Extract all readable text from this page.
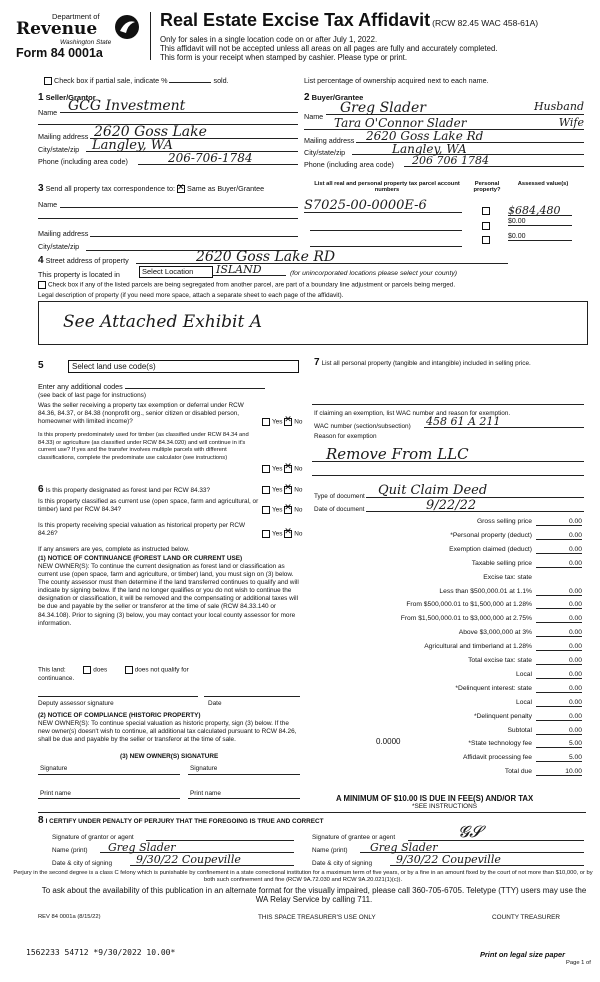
Department of
Revenue
Washington State
Form 84 0001a
Real Estate Excise Tax Affidavit (RCW 82.45 WAC 458-61A)
Only for sales in a single location code on or after July 1, 2022.
This affidavit will not be accepted unless all areas on all pages are fully and accurately completed.
This form is your receipt when stamped by cashier. Please type or print.
Check box if partial sale, indicate %	sold.	List percentage of ownership acquired next to each name.
1 Seller/Grantor
Name GCG Investment
Mailing address 2620 Goss Lake
City/state/zip Langley, WA
Phone (including area code)	206-706-1784
2 Buyer/Grantee
Name
Greg Slader	Husband
Tara O'Connor Slader	Wife
Mailing address 2620 Goss Lake Rd
City/state/zip	Langley, WA
Phone (including area code)	206 706 1784
3 Send all property tax correspondence to: ✕ Same as Buyer/Grantee
Name
Mailing address
City/state/zip
List all real and personal property tax parcel account numbers
Personal property?
Assessed value(s)
S7025-00-0000E-6	$684,480
$0.00
$0.00
4 Street address of property	2620 Goss Lake RD
This property is located in	Select Location	ISLAND	(for unincorporated locations please select your county)
Check box if any of the listed parcels are being segregated from another parcel, are part of a boundary line adjustment or parcels being merged.
Legal description of property (if you need more space, attach a separate sheet to each page of the affidavit).
See Attached Exhibit A
5	Select land use code(s)
Enter any additional codes
(see back of last page for instructions)
Was the seller receiving a property tax exemption or deferral under RCW 84.36, 84.37, or 84.38 (nonprofit org., senior citizen or disabled person, homeowner with limited income)?	Yes ✕ No
Is this property predominately used for timber (as classified under RCW 84.34 and 84.33) or agriculture (as classified under RCW 84.34.020) and will continue in it's current use? If yes and the transfer involves multiple parcels with different classifications, complete the predominate use calculator (see instructions)
Yes ✕ No
6 Is this property designated as forest land per RCW 84.33?	Yes ✕ No
Is this property classified as current use (open space, farm and agricultural, or timber) land per RCW 84.34?	Yes ✕ No
Is this property receiving special valuation as historical property per RCW 84.26?	Yes ✕ No
If any answers are yes, complete as instructed below.
(1) NOTICE OF CONTINUANCE (FOREST LAND OR CURRENT USE)
NEW OWNER(S): To continue the current designation as forest land or classification as current use (open space, farm and agriculture, or timber) land, you must sign on (3) below. The county assessor must then determine if the land transferred continues to qualify and will indicate by signing below. If the land no longer qualifies or you do not wish to continue the designation or classification, it will be removed and the compensating or additional taxes will be due and payable by the seller or transferor at the time of sale (RCW 84.33.140 or 84.34.108). Prior to signing (3) below, you may contact your local county assessor for more information.
This land:	does	does not qualify for
continuance.
Deputy assessor signature	Date
(2) NOTICE OF COMPLIANCE (HISTORIC PROPERTY)
NEW OWNER(S): To continue special valuation as historic property, sign (3) below. If the new owner(s) doesn't wish to continue, all additional tax calculated pursuant to RCW 84.26, shall be due and payable by the seller or transferor at the time of sale.
(3) NEW OWNER(S) SIGNATURE
Signature	Signature
Print name	Print name
7 List all personal property (tangible and intangible) included in selling price.
If claiming an exemption, list WAC number and reason for exemption.
WAC number (section/subsection) 458 61 A 211
Reason for exemption
Remove From LLC
Type of document	Quit Claim Deed
Date of document	9/22/22
Gross selling price	0.00
*Personal property (deduct)	0.00
Exemption claimed (deduct)	0.00
Taxable selling price	0.00
Excise tax: state
Less than $500,000.01 at 1.1%	0.00
From $500,000.01 to $1,500,000 at 1.28%	0.00
From $1,500,000.01 to $3,000,000 at 2.75%	0.00
Above $3,000,000 at 3%	0.00
Agricultural and timberland at 1.28%	0.00
Total excise tax: state	0.00
Local	0.00
*Delinquent interest: state	0.00
Local	0.00
*Delinquent penalty	0.00
Subtotal	0.00
*State technology fee	5.00
Affidavit processing fee	5.00
Total due	10.00
0.0000
A MINIMUM OF $10.00 IS DUE IN FEE(S) AND/OR TAX
*SEE INSTRUCTIONS
8 I CERTIFY UNDER PENALTY OF PERJURY THAT THE FOREGOING IS TRUE AND CORRECT
Signature of grantor or agent
Name (print)	Greg Slader
Date & city of signing	9/30/22 Coupeville
Signature of grantee or agent	𝓖𝓢
Name (print)	Greg Slader
Date & city of signing	9/30/22 Coupeville
Perjury in the second degree is a class C felony which is punishable by confinement in a state correctional institution for a maximum term of five years, or by a fine in an amount fixed by the court of not more than $10,000, or by both such confinement and fine (RCW 9A.72.030 and RCW 9A.20.021(1)(c)).
To ask about the availability of this publication in an alternate format for the visually impaired, please call 360-705-6705. Teletype (TTY) users may use the WA Relay Service by calling 711.
REV 84 0001a (8/15/22)	THIS SPACE TREASURER'S USE ONLY	COUNTY TREASURER
1562233 54712 *9/30/2022 10.00*	Print on legal size paper
Page 1 of
